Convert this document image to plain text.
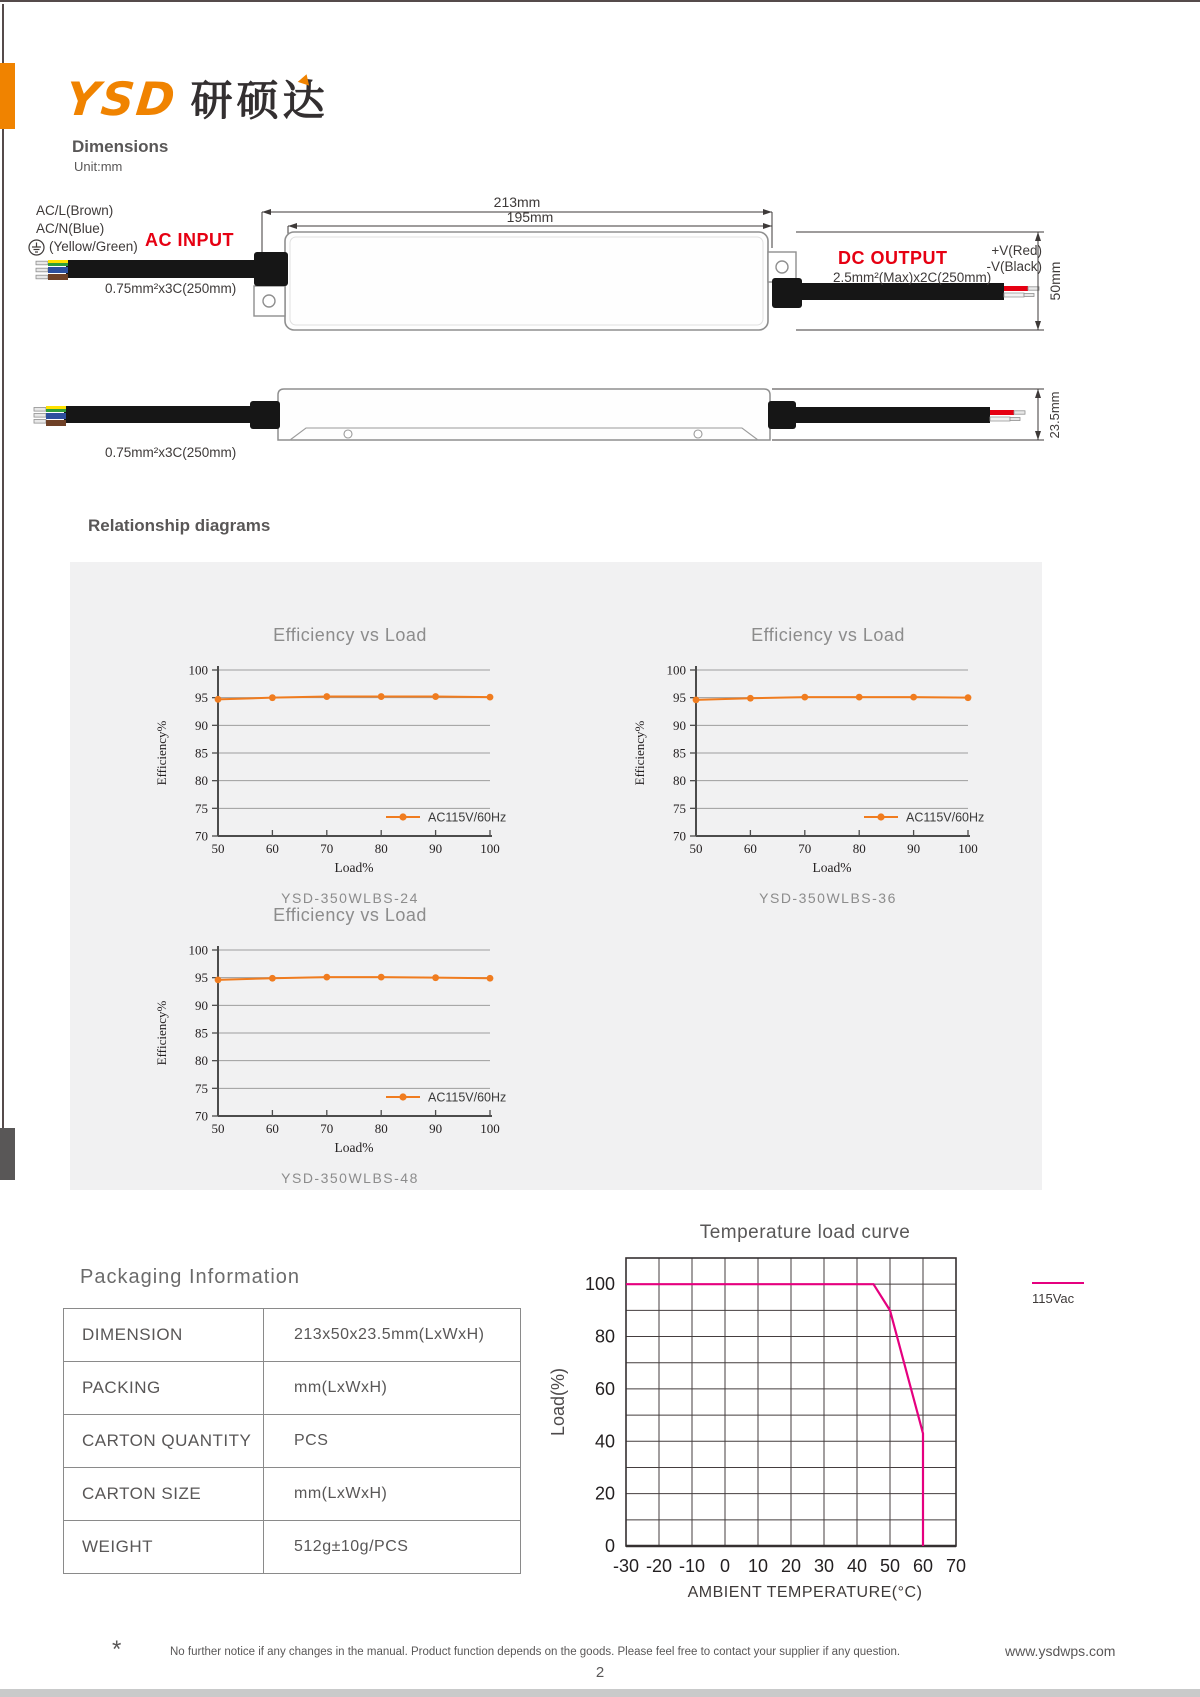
YSD 研硕达
Dimensions
Unit:mm
213mm
195mm
50mm
AC/L(Brown)
AC/N(Blue)
(Yellow/Green) AC INPUT
0.75mm²x3C(250mm)
DC OUTPUT
2.5mm²(Max)x2C(250mm)
+V(Red)
-V(Black)
23.5mm
0.75mm²x3C(250mm)
Relationship diagrams
Efficiency vs Load
70
75
80
85
90
95
100
50	60	70	80	90	100
Load%
Efficiency%
AC115V/60Hz
YSD-350WLBS-24
Efficiency vs Load
70
75
80
85
90
95
100
50	60	70	80	90	100
Load%
Efficiency%
AC115V/60Hz
YSD-350WLBS-36
Efficiency vs Load
70
75
80
85
90
95
100
50	60	70	80	90	100
Load%
Efficiency%
AC115V/60Hz
YSD-350WLBS-48
Packaging Information
DIMENSION	213x50x23.5mm(LxWxH)
PACKING	mm(LxWxH)
CARTON QUANTITY	PCS
CARTON SIZE	mm(LxWxH)
WEIGHT	512g±10g/PCS
Temperature load curve
0
20
40
60
80
100
-30 -20 -10 0 10 20 30 40 50 60 70
Load(%)
AMBIENT TEMPERATURE(°C)
115Vac
*	No further notice if any changes in the manual. Product function depends on the goods. Please feel free to contact your supplier if any question.	www.ysdwps.com
2
